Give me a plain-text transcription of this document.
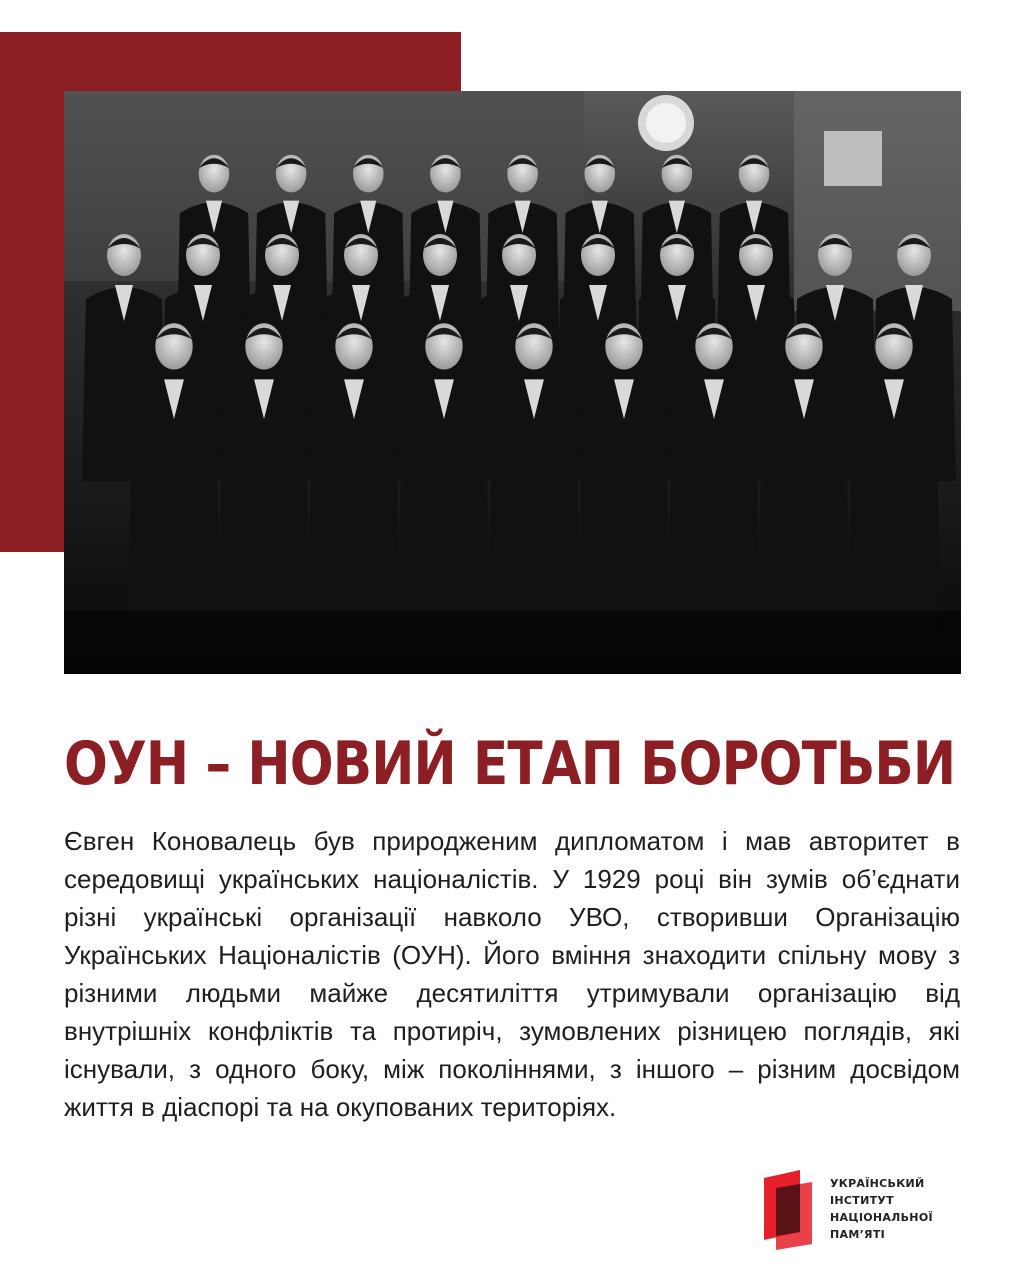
ОУН – НОВИЙ ЕТАП БОРОТЬБИ

Євген Коновалець був природженим дипломатом і мав авторитет в середовищі українських націоналістів. У 1929 році він зумів об’єднати різні українські організації навколо УВО, створивши Організацію Українських Націоналістів (ОУН). Його вміння знаходити спільну мову з різними людьми майже десятиліття утримували організацію від внутрішніх конфліктів та протиріч, зумовлених різницею поглядів, які існували, з одного боку, між поколіннями, з іншого – різним досвідом життя в діаспорі та на окупованих територіях.

УКРАЇНСЬКИЙ
ІНСТИТУТ
НАЦІОНАЛЬНОЇ
ПАМ’ЯТІ
